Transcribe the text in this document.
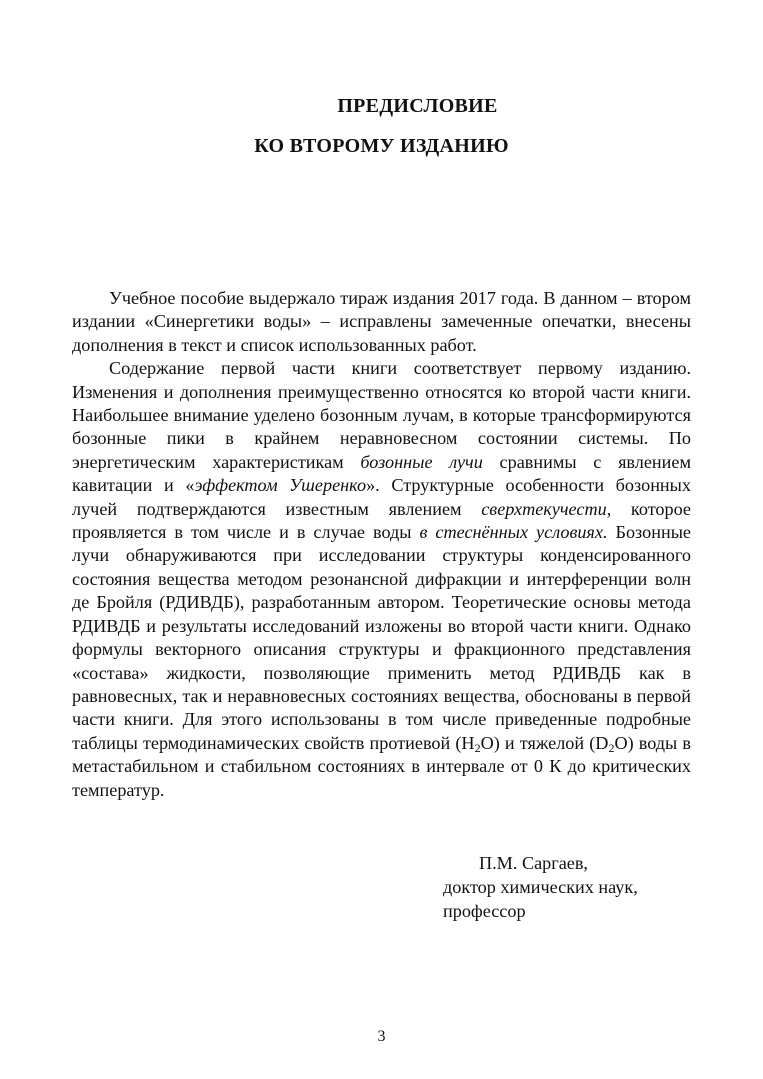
ПРЕДИСЛОВИЕ
КО ВТОРОМУ ИЗДАНИЮ

Учебное пособие выдержало тираж издания 2017 года. В данном – втором издании «Синергетики воды» – исправлены замеченные опечатки, внесены дополнения в текст и список использованных работ.

Содержание первой части книги соответствует первому изданию. Изменения и дополнения преимущественно относятся ко второй части книги. Наибольшее внимание уделено бозонным лучам, в которые трансформируются бозонные пики в крайнем неравновесном состоянии системы. По энергетическим характеристикам бозонные лучи сравнимы с явлением кавитации и «эффектом Ушеренко». Структурные особенности бозонных лучей подтверждаются известным явлением сверхтекучести, которое проявляется в том числе и в случае воды в стеснённых условиях. Бозонные лучи обнаруживаются при исследовании структуры конденсированного состояния вещества методом резонансной дифракции и интерференции волн де Бройля (РДИВДБ), разработанным автором. Теоретические основы метода РДИВДБ и результаты исследований изложены во второй части книги. Однако формулы векторного описания структуры и фракционного представления «состава» жидкости, позволяющие применить метод РДИВДБ как в равновесных, так и неравновесных состояниях вещества, обоснованы в первой части книги. Для этого использованы в том числе приведенные подробные таблицы термодинамических свойств протиевой $(H_2O)$ и тяжелой $(D_2O)$ воды в метастабильном и стабильном состояниях в интервале от 0 К до критических температур.

П.М. Саргаев,
доктор химических наук,
профессор
3
